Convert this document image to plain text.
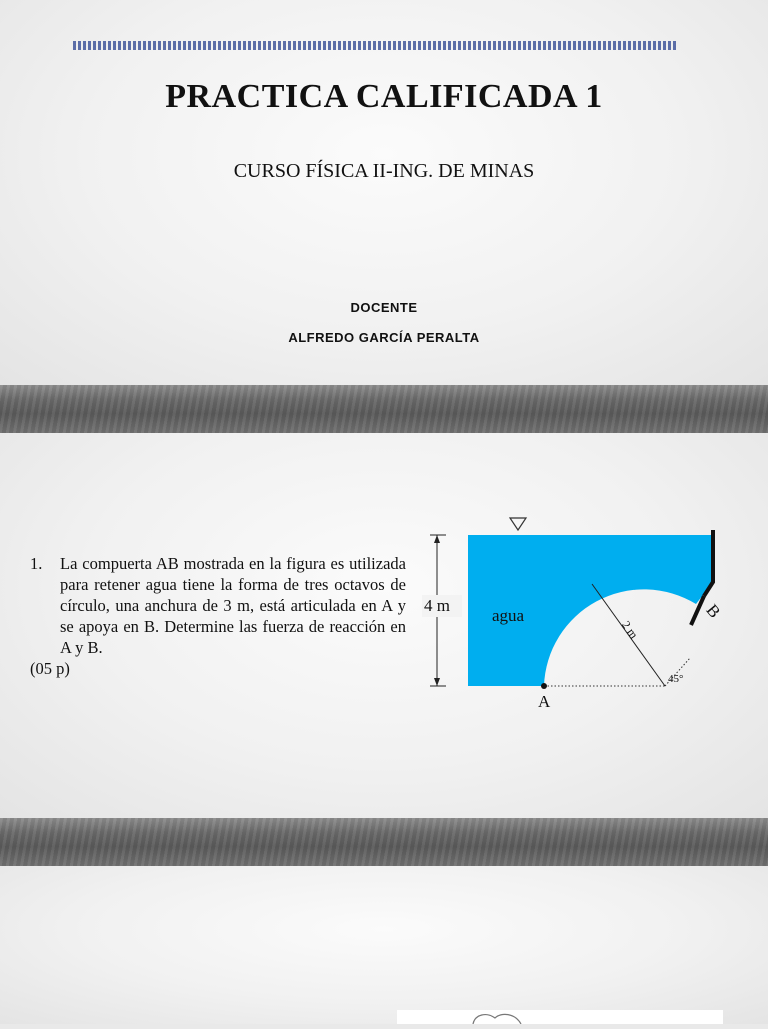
PRACTICA CALIFICADA 1
CURSO FÍSICA II-ING. DE MINAS
DOCENTE
ALFREDO GARCÍA PERALTA
1.	La compuerta AB mostrada en la figura es utilizada para retener agua tiene la forma de tres octavos de círculo, una anchura de 3 m, está articulada en A y se apoya en B. Determine las fuerza de reacción en A y B.
(05 p)
4 m
agua
2 m
45°
A
B
